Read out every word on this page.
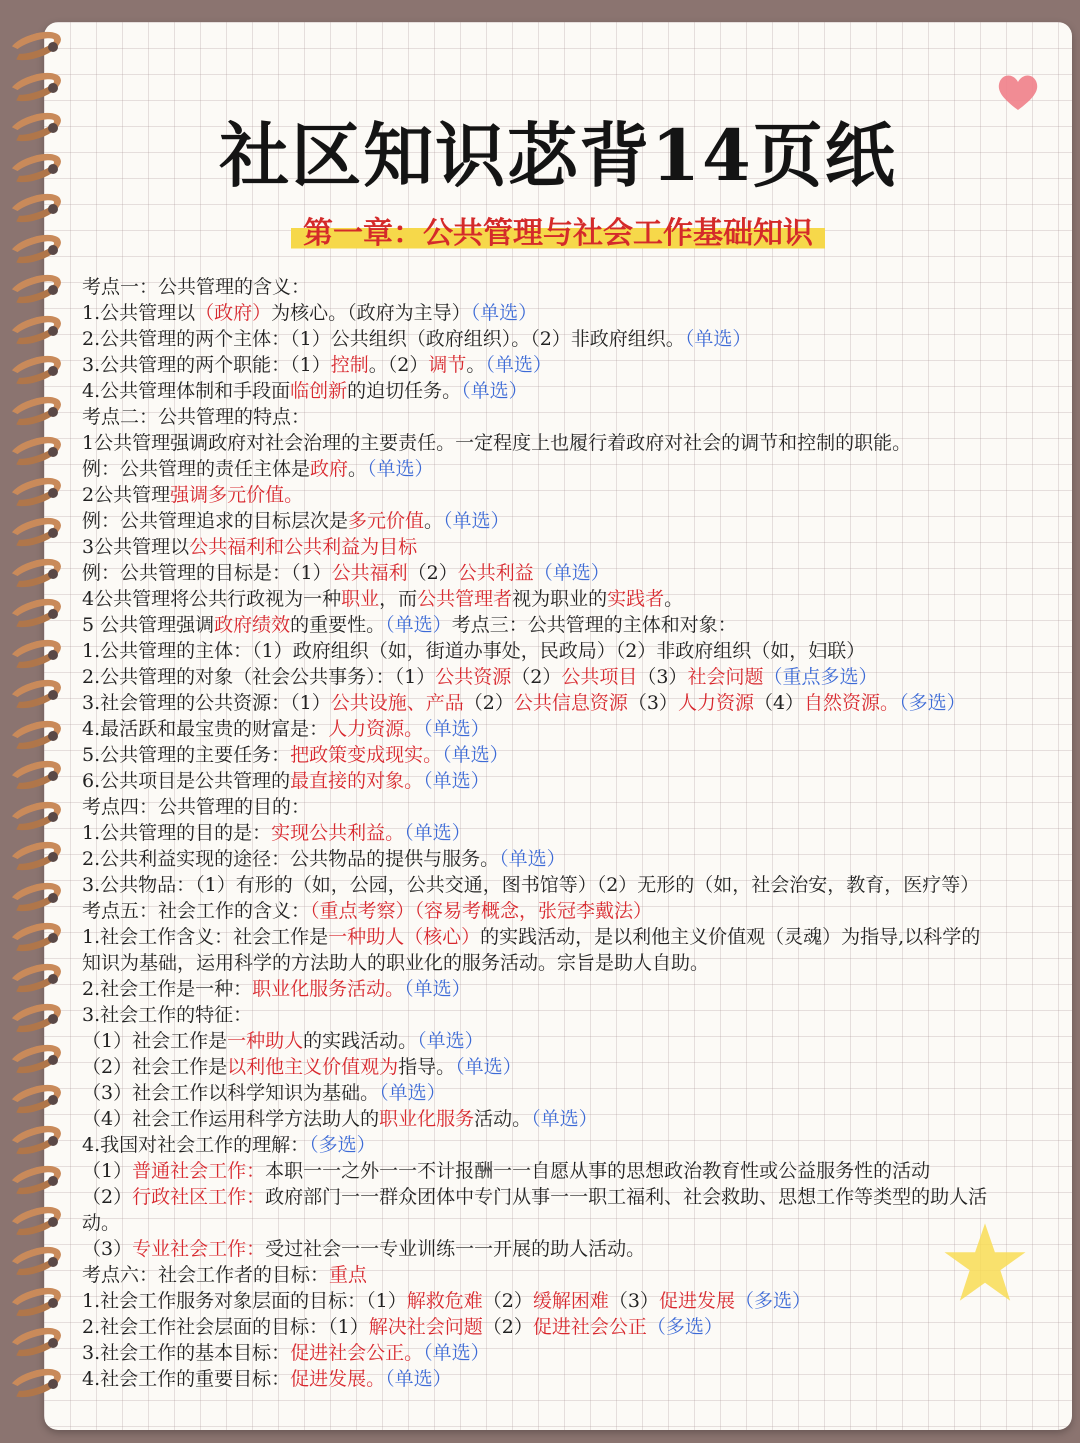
社区知识苾背14页纸
第一章：公共管理与社会工作基础知识
考点一：公共管理的含义：
1.公共管理以（政府）为核心。（政府为主导）（单选）
2.公共管理的两个主体：（1）公共组织（政府组织）。（2）非政府组织。（单选）
3.公共管理的两个职能：（1）控制。（2）调节。（单选）
4.公共管理体制和手段面临创新的迫切任务。（单选）
考点二：公共管理的特点：
1公共管理强调政府对社会治理的主要责任。一定程度上也履行着政府对社会的调节和控制的职能。
例：公共管理的责任主体是政府。（单选）
2公共管理强调多元价值。
例：公共管理追求的目标层次是多元价值。（单选）
3公共管理以公共福利和公共利益为目标
例：公共管理的目标是：（1）公共福利（2）公共利益（单选）
4公共管理将公共行政视为一种职业，而公共管理者视为职业的实践者。
5 公共管理强调政府绩效的重要性。（单选）考点三：公共管理的主体和对象：
1.公共管理的主体：（1）政府组织（如，街道办事处，民政局）（2）非政府组织（如，妇联）
2.公共管理的对象（社会公共事务）：（1）公共资源（2）公共项目（3）社会问题（重点多选）
3.社会管理的公共资源：（1）公共设施、产品（2）公共信息资源（3）人力资源（4）自然资源。（多选）
4.最活跃和最宝贵的财富是：人力资源。（单选）
5.公共管理的主要任务：把政策变成现实。（单选）
6.公共项目是公共管理的最直接的对象。（单选）
考点四：公共管理的目的：
1.公共管理的目的是：实现公共利益。（单选）
2.公共利益实现的途径：公共物品的提供与服务。（单选）
3.公共物品：（1）有形的（如，公园，公共交通，图书馆等）（2）无形的（如，社会治安，教育，医疗等）
考点五：社会工作的含义：（重点考察）（容易考概念，张冠李戴法）
1.社会工作含义：社会工作是一种助人（核心）的实践活动，是以利他主义价值观（灵魂）为指导,以科学的
知识为基础，运用科学的方法助人的职业化的服务活动。宗旨是助人自助。
2.社会工作是一种：职业化服务活动。（单选）
3.社会工作的特征：
（1）社会工作是一种助人的实践活动。（单选）
（2）社会工作是以利他主义价值观为指导。（单选）
（3）社会工作以科学知识为基础。（单选）
（4）社会工作运用科学方法助人的职业化服务活动。（单选）
4.我国对社会工作的理解：（多选）
（1）普通社会工作：本职一一之外一一不计报酬一一自愿从事的思想政治教育性或公益服务性的活动
（2）行政社区工作：政府部门一一群众团体中专门从事一一职工福利、社会救助、思想工作等类型的助人活
动。
（3）专业社会工作：受过社会一一专业训练一一开展的助人活动。
考点六：社会工作者的目标：重点
1.社会工作服务对象层面的目标：（1）解救危难（2）缓解困难（3）促进发展（多选）
2.社会工作社会层面的目标：（1）解决社会问题（2）促进社会公正（多选）
3.社会工作的基本目标：促进社会公正。（单选）
4.社会工作的重要目标：促进发展。（单选）
